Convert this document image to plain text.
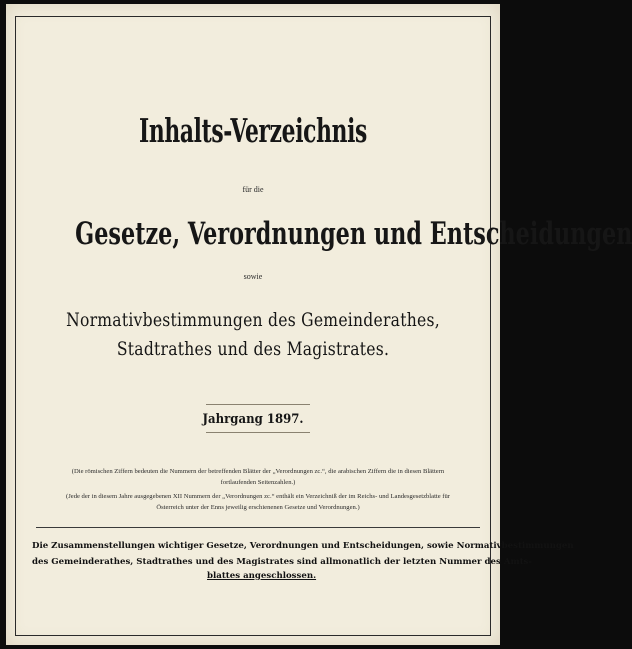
Inhalts-Verzeichnis
für die
Gesetze, Verordnungen und Entscheidungen
sowie
Normativbestimmungen des Gemeinderathes,
Stadtrathes und des Magistrates.
Jahrgang 1897.
(Die römischen Ziffern bedeuten die Nummern der betreffenden Blätter der „Verordnungen zc.“, die arabischen Ziffern die in diesen Blättern
fortlaufenden Seitenzahlen.)
(Jede der in diesem Jahre ausgegebenen XII Nummern der „Verordnungen zc.“ enthält ein Verzeichniß der im Reichs- und Landesgesetzblatte für
Österreich unter der Enns jeweilig erschienenen Gesetze und Verordnungen.)
Die Zusammenstellungen wichtiger Gesetze, Verordnungen und Entscheidungen, sowie Normativbestimmungen
des Gemeinderathes, Stadtrathes und des Magistrates sind allmonatlich der letzten Nummer des Amts-
blattes angeschlossen.
